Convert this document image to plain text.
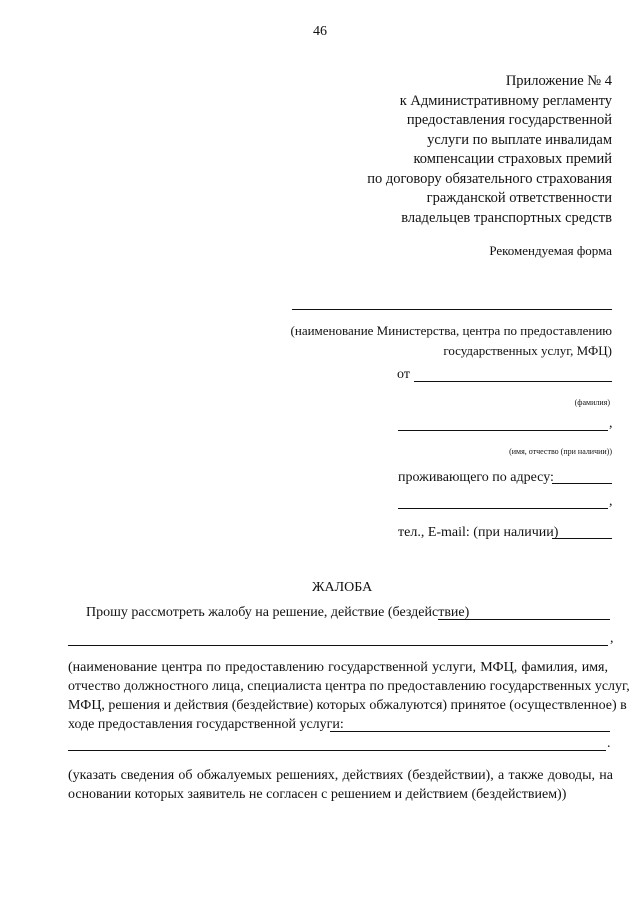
46
Приложение № 4
к Административному регламенту
предоставления государственной
услуги по выплате инвалидам
компенсации страховых премий
по договору обязательного страхования
гражданской ответственности
владельцев транспортных средств
Рекомендуемая форма
(наименование Министерства, центра по предоставлению
государственных услуг, МФЦ)
от
(фамилия)
,
(имя, отчество (при наличии))
проживающего по адресу:
,
тел., E-mail: (при наличии)
ЖАЛОБА
Прошу рассмотреть жалобу на решение, действие (бездействие)
,
(наименование центра по предоставлению государственной услуги, МФЦ, фамилия, имя,
отчество должностного лица, специалиста центра по предоставлению государственных услуг,
МФЦ, решения и действия (бездействие) которых обжалуются) принятое (осуществленное) в
ходе предоставления государственной услуги:
.
(указать сведения об обжалуемых решениях, действиях (бездействии), а также доводы, на
основании которых заявитель не согласен с решением и действием (бездействием))
